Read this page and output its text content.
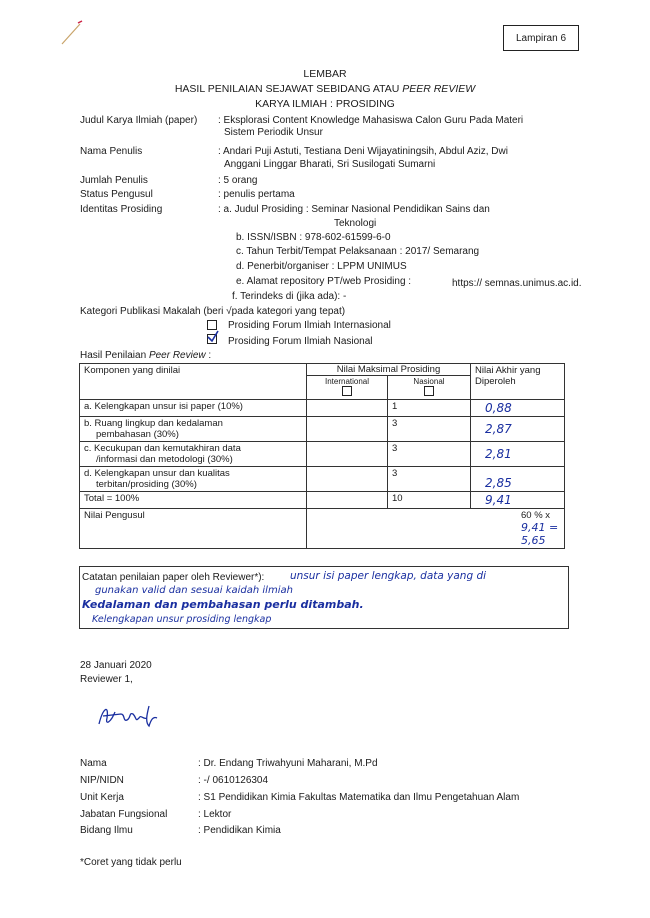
Lampiran 6
LEMBAR
HASIL PENILAIAN SEJAWAT SEBIDANG ATAU PEER REVIEW
KARYA ILMIAH : PROSIDING
Judul Karya Ilmiah (paper) : Eksplorasi Content Knowledge Mahasiswa Calon Guru Pada Materi
Sistem Periodik Unsur
Nama Penulis	: Andari Puji Astuti, Testiana Deni Wijayatiningsih, Abdul Aziz, Dwi
Anggani Linggar Bharati, Sri Susilogati Sumarni
Jumlah Penulis	: 5 orang
Status Pengusul	: penulis pertama
Identitas Prosiding	: a. Judul Prosiding : Seminar Nasional Pendidikan Sains dan
Teknologi
b. ISSN/ISBN : 978-602-61599-6-0
c. Tahun Terbit/Tempat Pelaksanaan : 2017/ Semarang
d. Penerbit/organiser : LPPM UNIMUS
e. Alamat repository PT/web Prosiding :	https:// semnas.unimus.ac.id.
f. Terindeks di (jika ada): -
Kategori Publikasi Makalah (beri √pada kategori yang tepat)
Prosiding Forum Ilmiah Internasional
Prosiding Forum Ilmiah Nasional
Hasil Penilaian Peer Review :
Komponen yang dinilai	Nilai Maksimal Prosiding		Nilai Akhir yang
Diperoleh

	International	Nasional	

a. Kelengkapan unsur isi paper (10%)		1	0,88

b. Ruang lingkup dan kedalaman
pembahasan (30%)		3	2,87

c. Kecukupan dan kemutakhiran data
/informasi dan metodologi (30%)		3	2,81

d. Kelengkapan unsur dan kualitas
terbitan/prosiding (30%)		3	2,85
Total = 100%		10	9,41
Nilai Pengusul	60 % x 9,41 = 5,65		
Catatan penilaian paper oleh Reviewer*): unsur isi paper lengkap, data yang di
gunakan valid dan sesuai kaidah ilmiah
Kedalaman dan pembahasan perlu ditambah.
Kelengkapan unsur prosiding lengkap
28 Januari 2020
Reviewer 1,
Nama	: Dr. Endang Triwahyuni Maharani, M.Pd
NIP/NIDN	: -/ 0610126304
Unit Kerja	: S1 Pendidikan Kimia Fakultas Matematika dan Ilmu Pengetahuan Alam
Jabatan Fungsional	: Lektor
Bidang Ilmu	: Pendidikan Kimia
*Coret yang tidak perlu
